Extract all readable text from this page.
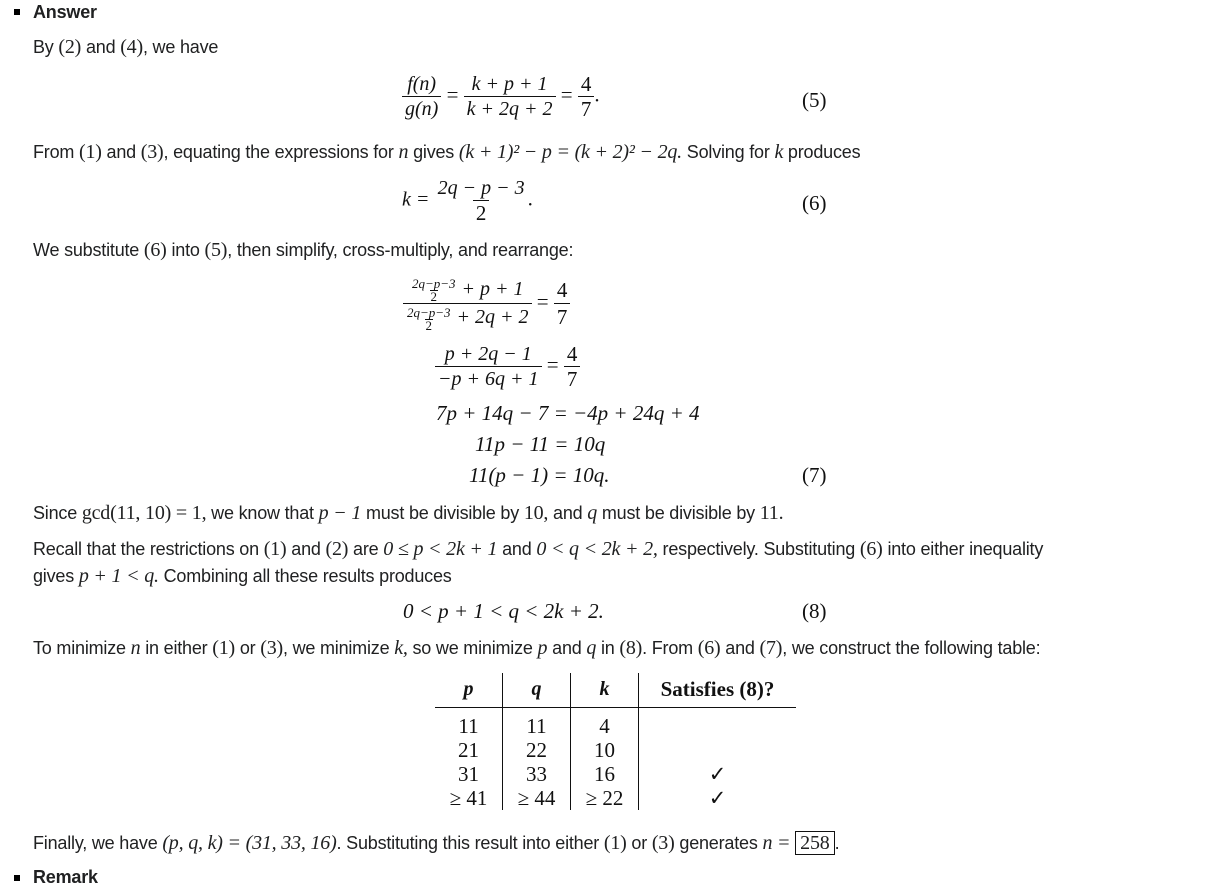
Answer
By (2) and (4), we have
$\frac{f(n)}{g(n)} = \frac{k + p + 1}{k + 2q + 2} = \frac{4}{7}$ .	(5)
From (1) and (3), equating the expressions for n gives (k + 1)² − p = (k + 2)² − 2q. Solving for k produces
$k = \frac{2q - p - 3}{2}$ .	(6)
We substitute (6) into (5), then simplify, cross-multiply, and rearrange:
$\frac{\frac{2q-p-3}{2} + p + 1}{\frac{2q-p-3}{2} + 2q + 2} = \frac{4}{7}$
$\frac{p + 2q - 1}{-p + 6q + 1} = \frac{4}{7}$
7p + 14q − 7 = −4p + 24q + 4
11p − 11 = 10q
11(p − 1) = 10q.	(7)
Since gcd(11, 10) = 1, we know that p − 1 must be divisible by 10, and q must be divisible by 11.
Recall that the restrictions on (1) and (2) are 0 ≤ p < 2k + 1 and 0 < q < 2k + 2, respectively. Substituting (6) into either inequality
gives p + 1 < q. Combining all these results produces
0 < p + 1 < q < 2k + 2.	(8)
To minimize n in either (1) or (3), we minimize k, so we minimize p and q in (8). From (6) and (7), we construct the following table:
p	q	k	Satisfies (8)?
11	11	4	
21	22	10	
31	33	16	✓
≥ 41	≥ 44	≥ 22	✓
Finally, we have (p, q, k) = (31, 33, 16). Substituting this result into either (1) or (3) generates n = 258 .
Remark
